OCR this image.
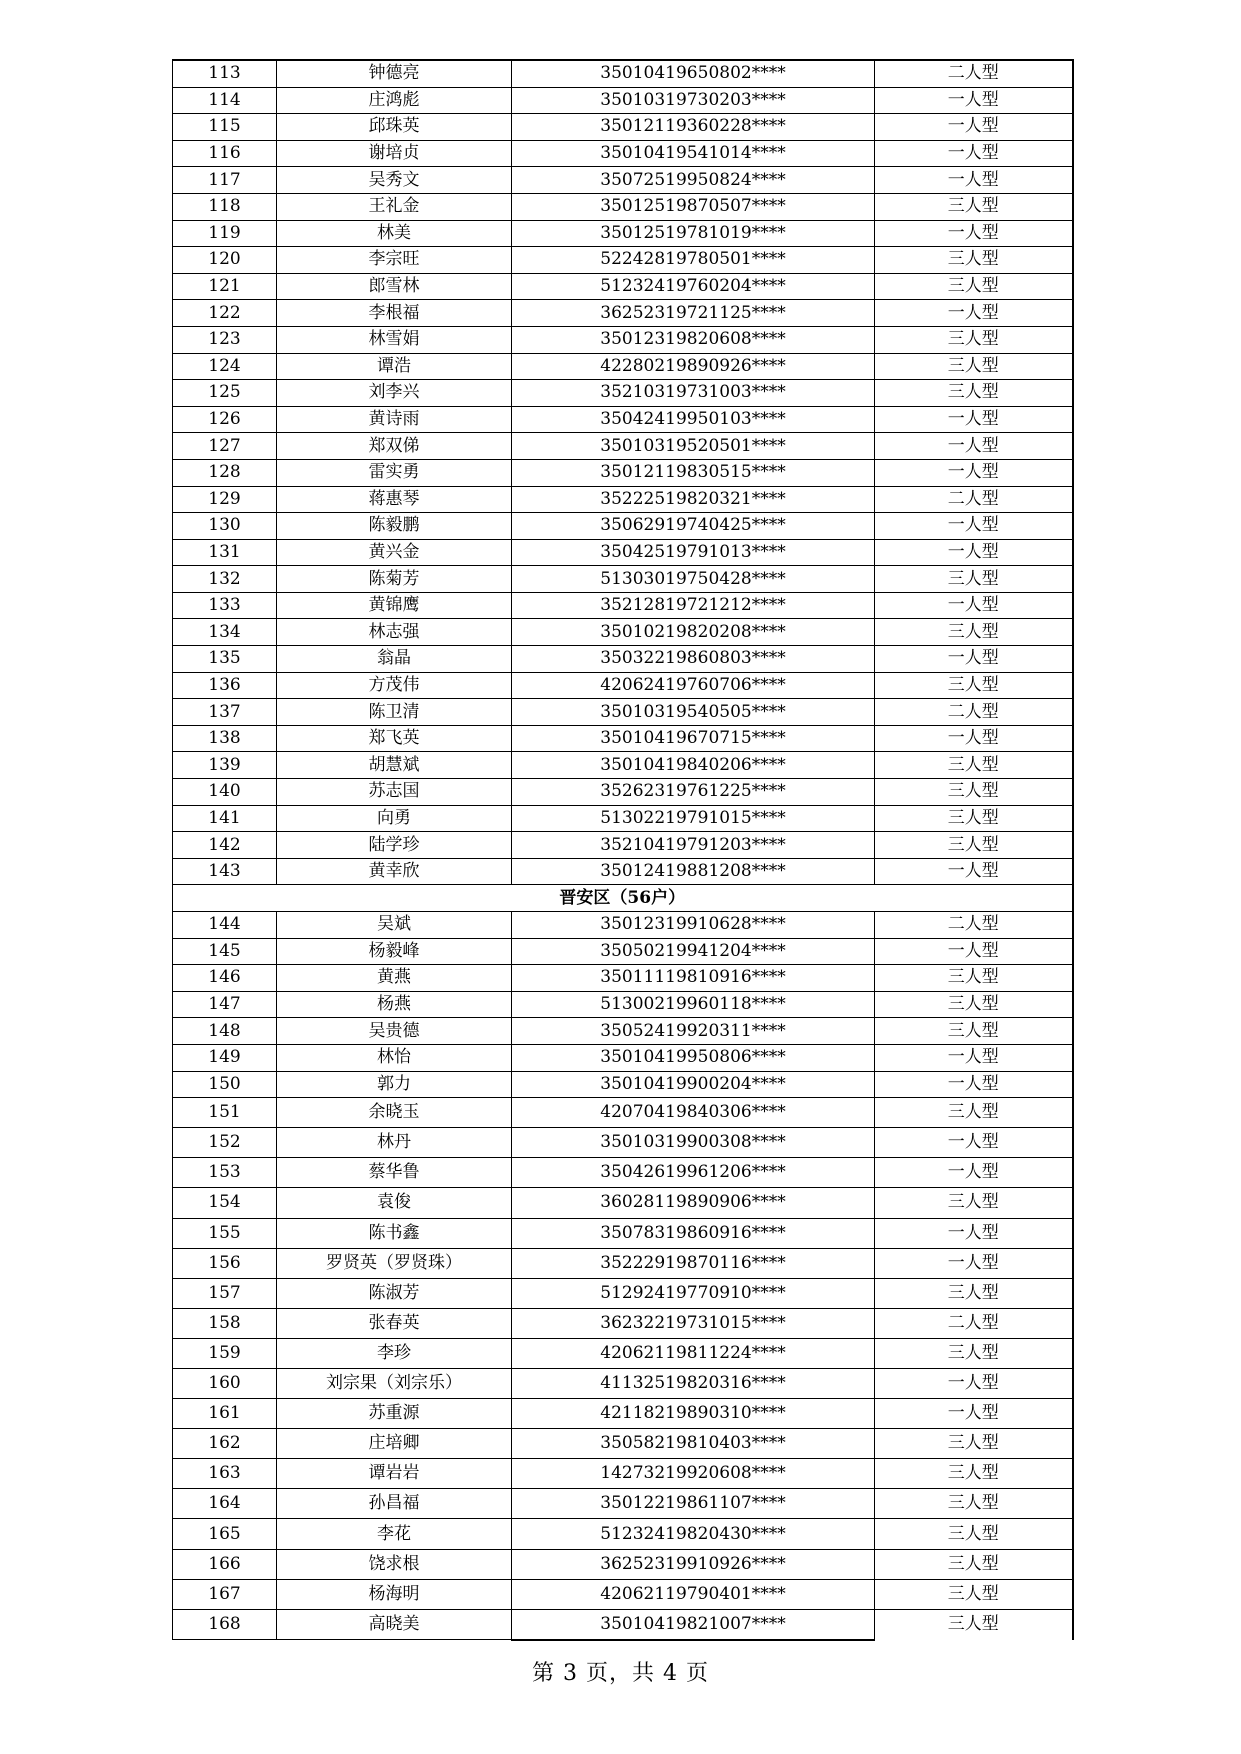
113	钟德亮	35010419650802****	二人型
114	庄鸿彪	35010319730203****	一人型
115	邱珠英	35012119360228****	一人型
116	谢培贞	35010419541014****	一人型
117	吴秀文	35072519950824****	一人型
118	王礼金	35012519870507****	三人型
119	林美	35012519781019****	一人型
120	李宗旺	52242819780501****	三人型
121	郎雪林	51232419760204****	三人型
122	李根福	36252319721125****	一人型
123	林雪娟	35012319820608****	三人型
124	谭浩	42280219890926****	三人型
125	刘李兴	35210319731003****	三人型
126	黄诗雨	35042419950103****	一人型
127	郑双俤	35010319520501****	一人型
128	雷实勇	35012119830515****	一人型
129	蒋惠琴	35222519820321****	二人型
130	陈毅鹏	35062919740425****	一人型
131	黄兴金	35042519791013****	一人型
132	陈菊芳	51303019750428****	三人型
133	黄锦鹰	35212819721212****	一人型
134	林志强	35010219820208****	三人型
135	翁晶	35032219860803****	一人型
136	方茂伟	42062419760706****	三人型
137	陈卫清	35010319540505****	二人型
138	郑飞英	35010419670715****	一人型
139	胡慧斌	35010419840206****	三人型
140	苏志国	35262319761225****	三人型
141	向勇	51302219791015****	三人型
142	陆学珍	35210419791203****	三人型
143	黄幸欣	35012419881208****	一人型
晋安区（56户）			
144	吴斌	35012319910628****	二人型
145	杨毅峰	35050219941204****	一人型
146	黄燕	35011119810916****	三人型
147	杨燕	51300219960118****	三人型
148	吴贵德	35052419920311****	三人型
149	林怡	35010419950806****	一人型
150	郭力	35010419900204****	一人型
151	余晓玉	42070419840306****	三人型
152	林丹	35010319900308****	一人型
153	蔡华鲁	35042619961206****	一人型
154	袁俊	36028119890906****	三人型
155	陈书鑫	35078319860916****	一人型
156	罗贤英（罗贤珠）	35222919870116****	一人型
157	陈淑芳	51292419770910****	三人型
158	张春英	36232219731015****	二人型
159	李珍	42062119811224****	三人型
160	刘宗果（刘宗乐）	41132519820316****	一人型
161	苏重源	42118219890310****	一人型
162	庄培卿	35058219810403****	三人型
163	谭岩岩	14273219920608****	三人型
164	孙昌福	35012219861107****	三人型
165	李花	51232419820430****	三人型
166	饶求根	36252319910926****	三人型
167	杨海明	42062119790401****	三人型
168	高晓美	35010419821007****	三人型
第 3 页，共 4 页
